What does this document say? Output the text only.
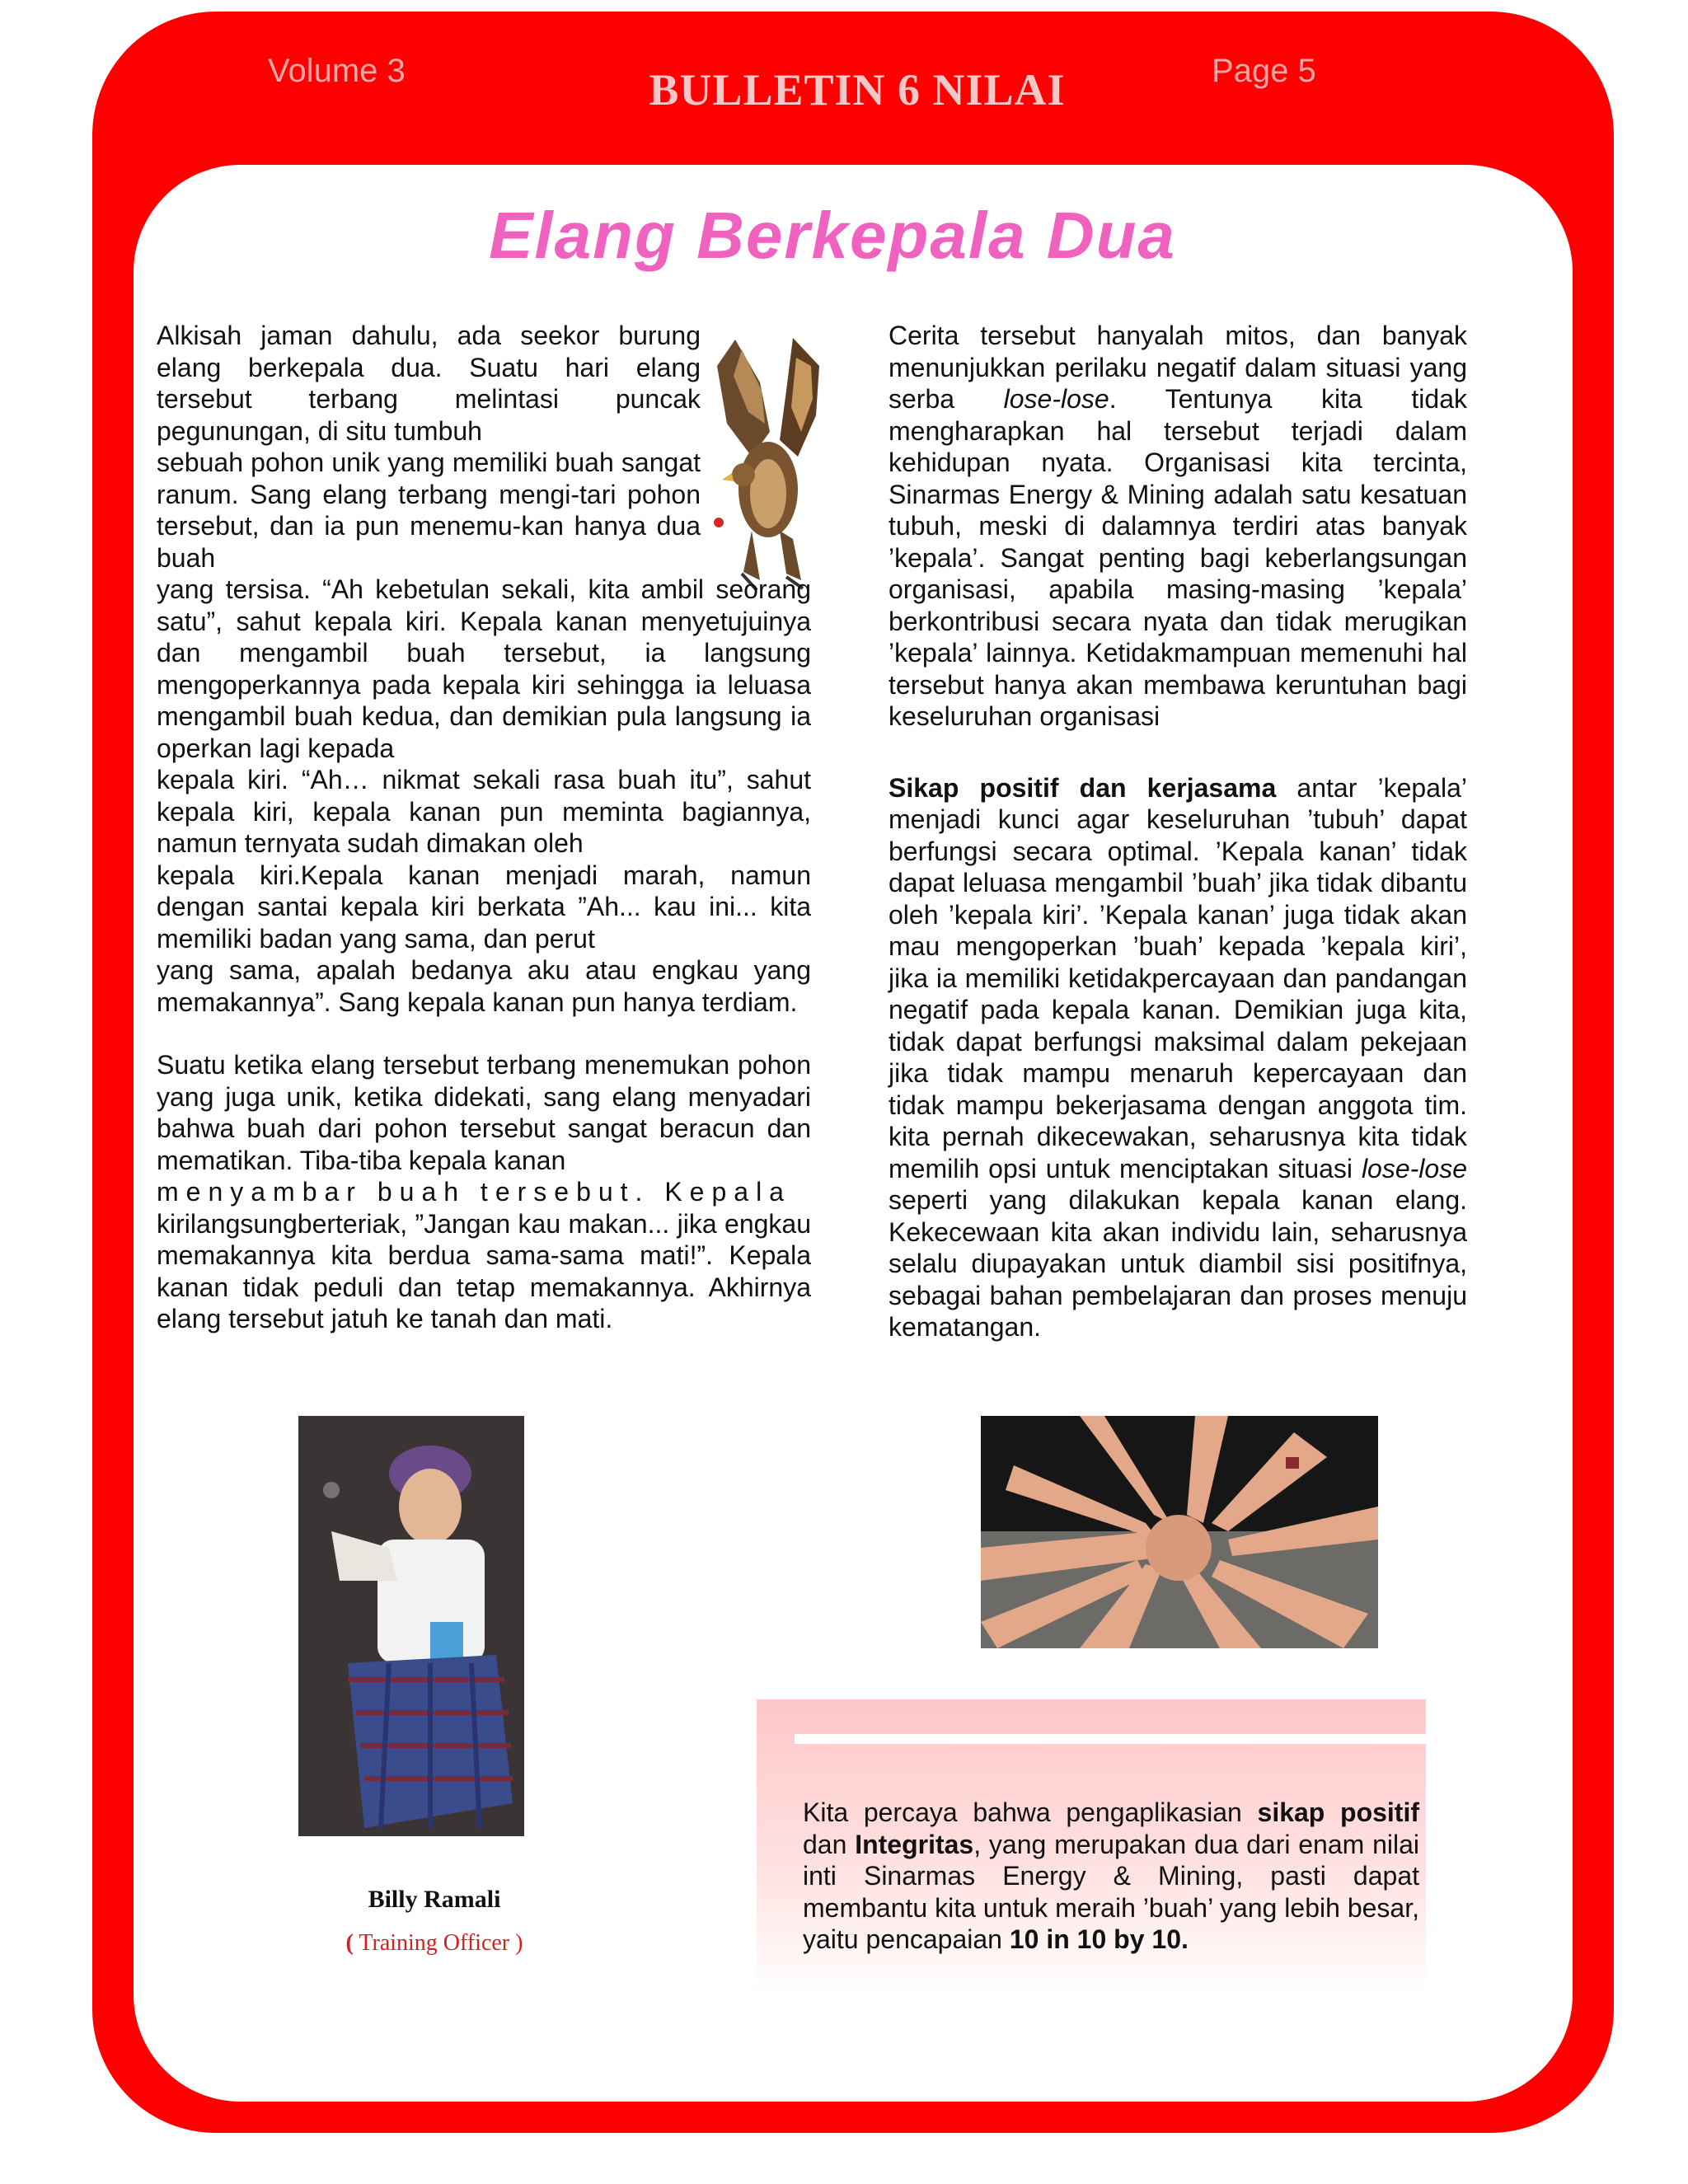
Volume 3	BULLETIN 6 NILAI	Page 5
Elang Berkepala Dua

Alkisah jaman dahulu, ada seekor burung elang berkepala dua. Suatu hari elang tersebut terbang melintasi puncak pegunungan, di situ tumbuh

sebuah pohon unik yang memiliki buah sangat ranum. Sang elang terbang mengi-tari pohon tersebut, dan ia pun menemu-kan hanya dua buah

yang tersisa. “Ah kebetulan sekali, kita ambil seorang satu”, sahut kepala kiri. Kepala kanan menyetujuinya dan mengambil buah tersebut, ia langsung mengoperkannya pada kepala kiri sehingga ia leluasa mengambil buah kedua, dan demikian pula langsung ia operkan lagi kepada

kepala kiri. “Ah… nikmat sekali rasa buah itu”, sahut kepala kiri, kepala kanan pun meminta bagiannya, namun ternyata sudah dimakan oleh

kepala kiri.Kepala kanan menjadi marah, namun dengan santai kepala kiri berkata ”Ah... kau ini... kita memiliki badan yang sama, dan perut

yang sama, apalah bedanya aku atau engkau yang memakannya”. Sang kepala kanan pun hanya terdiam.

Suatu ketika elang tersebut terbang menemukan pohon yang juga unik, ketika didekati, sang elang menyadari bahwa buah dari pohon tersebut sangat beracun dan mematikan. Tiba-tiba kepala kanan

menyambar buah tersebut. Kepala

kirilangsungberteriak, ”Jangan kau makan... jika engkau memakannya kita berdua sama-sama mati!”. Kepala kanan tidak peduli dan tetap memakannya. Akhirnya elang tersebut jatuh ke tanah dan mati.

Cerita tersebut hanyalah mitos, dan banyak menunjukkan perilaku negatif dalam situasi yang serba lose-lose. Tentunya kita tidak mengharapkan hal tersebut terjadi dalam kehidupan nyata. Organisasi kita tercinta, Sinarmas Energy & Mining adalah satu kesatuan tubuh, meski di dalamnya terdiri atas banyak ’kepala’. Sangat penting bagi keberlangsungan organisasi, apabila masing-masing ’kepala’ berkontribusi secara nyata dan tidak merugikan ’kepala’ lainnya. Ketidakmampuan memenuhi hal tersebut hanya akan membawa keruntuhan bagi keseluruhan organisasi

Sikap positif dan kerjasama antar ’kepala’ menjadi kunci agar keseluruhan ’tubuh’ dapat berfungsi secara optimal. ’Kepala kanan’ tidak dapat leluasa mengambil ’buah’ jika tidak dibantu oleh ’kepala kiri’. ’Kepala kanan’ juga tidak akan mau mengoperkan ’buah’ kepada ’kepala kiri’, jika ia memiliki ketidakpercayaan dan pandangan negatif pada kepala kanan. Demikian juga kita, tidak dapat berfungsi maksimal dalam pekejaan jika tidak mampu menaruh kepercayaan dan tidak mampu bekerjasama dengan anggota tim. kita pernah dikecewakan, seharusnya kita tidak memilih opsi untuk menciptakan situasi lose-lose seperti yang dilakukan kepala kanan elang. Kekecewaan kita akan individu lain, seharusnya selalu diupayakan untuk diambil sisi positifnya, sebagai bahan pembelajaran dan proses menuju kematangan.

Billy Ramali
( Training Officer )
Kita percaya bahwa pengaplikasian sikap positif dan Integritas, yang merupakan dua dari enam nilai inti Sinarmas Energy & Mining, pasti dapat membantu kita untuk meraih ’buah’ yang lebih besar, yaitu pencapaian 10 in 10 by 10.
